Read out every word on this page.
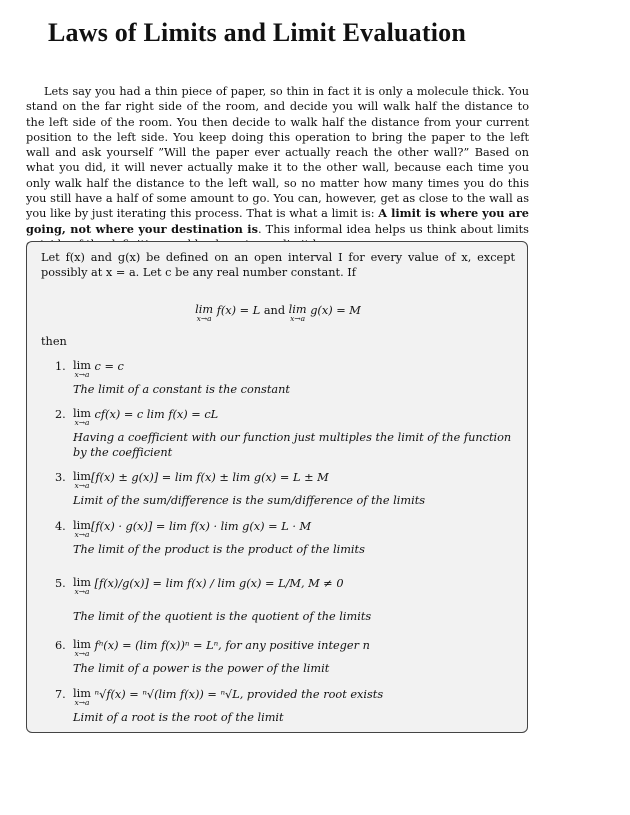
Laws of Limits and Limit Evaluation
Lets say you had a thin piece of paper, so thin in fact it is only a molecule thick. You stand on the far right side of the room, and decide you will walk half the distance to the left side of the room. You then decide to walk half the distance from your current position to the left side. You keep doing this operation to bring the paper to the left wall and ask yourself ”Will the paper ever actually reach the other wall?” Based on what you did, it will never actually make it to the other wall, because each time you only walk half the distance to the left wall, so no matter how many times you do this you still have a half of some amount to go. You can, however, get as close to the wall as you like by just iterating this process. That is what a limit is: A limit is where you are going, not where your destination is. This informal idea helps us think about limits
Let f(x) and g(x) be defined on an open interval I for every value of x, except possibly at x = a. Let c be any real number constant. If
lim
x→a
f(x) = L and lim
x→a
g(x) = M
then
1. lim
x→a
c = c
The limit of a constant is the constant
2. lim
x→a
cf(x) = c lim f(x) = cL
Having a coefficient with our function just multiples the limit of the function by the coefficient
3. lim
x→a
[f(x) ± g(x)] = lim f(x) ± lim g(x) = L ± M
Limit of the sum/difference is the sum/difference of the limits
4. lim
x→a
[f(x) · g(x)] = lim f(x) · lim g(x) = L · M
The limit of the product is the product of the limits
5. lim
x→a
[f(x)/g(x)] = lim f(x) / lim g(x) = L/M, M ≠ 0
The limit of the quotient is the quotient of the limits
6. lim
x→a
fⁿ(x) = (lim f(x))ⁿ = Lⁿ, for any positive integer n
The limit of a power is the power of the limit
7. lim
x→a
ⁿ√f(x) = ⁿ√(lim f(x)) = ⁿ√L, provided the root exists
Limit of a root is the root of the limit
